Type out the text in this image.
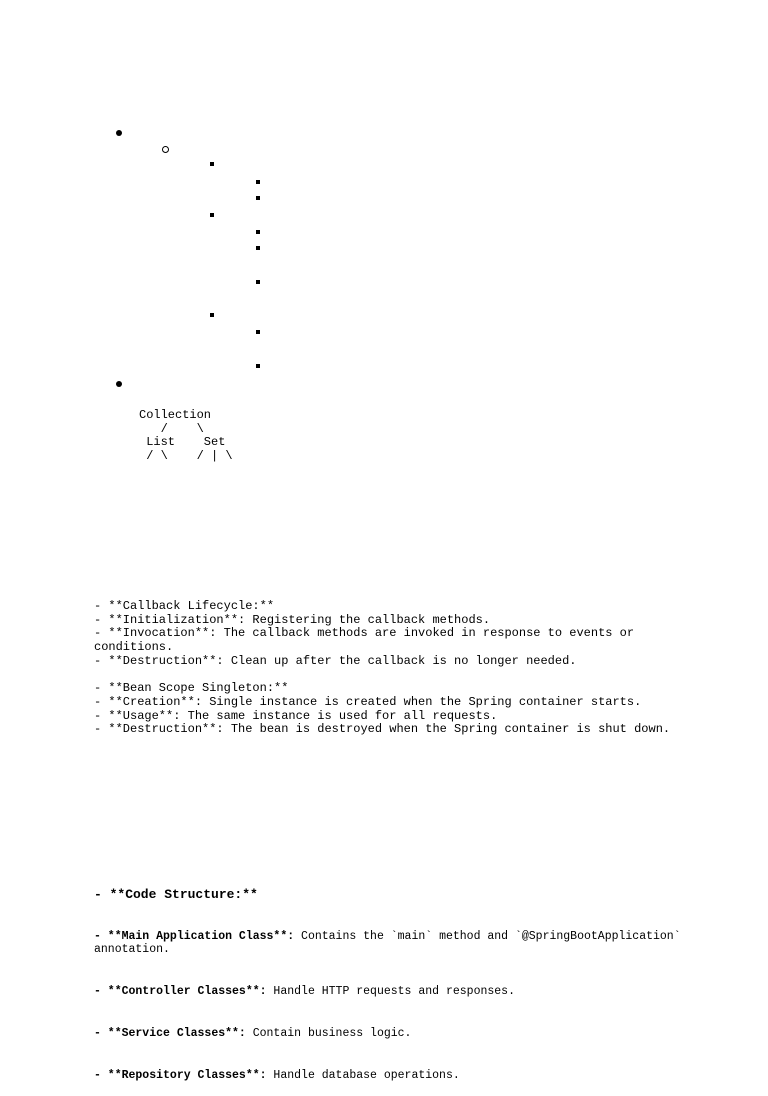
Collection
/    \
List    Set
/ \    / | \
- **Callback Lifecycle:**
- **Initialization**: Registering the callback methods.
- **Invocation**: The callback methods are invoked in response to events or conditions.
- **Destruction**: Clean up after the callback is no longer needed.

- **Bean Scope Singleton:**
- **Creation**: Single instance is created when the Spring container starts.
- **Usage**: The same instance is used for all requests.
- **Destruction**: The bean is destroyed when the Spring container is shut down.

- **Code Structure:**

- **Main Application Class**: Contains the `main` method and `@SpringBootApplication` annotation.

- **Controller Classes**: Handle HTTP requests and responses.

- **Service Classes**: Contain business logic.

- **Repository Classes**: Handle database operations.
